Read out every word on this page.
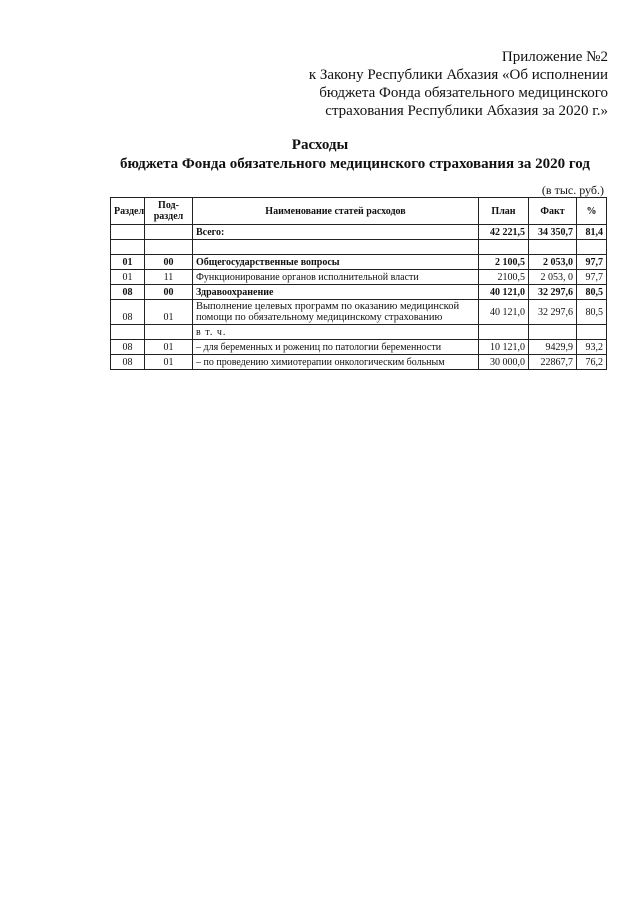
Приложение №2
к Закону Республики Абхазия «Об исполнении
бюджета Фонда обязательного медицинского
страхования Республики Абхазия за 2020 г.»
Расходы
бюджета Фонда обязательного медицинского страхования за 2020 год
(в тыс. руб.)
Раздел	Под-раздел	Наименование статей расходов	План	Факт	%
		Всего:	42 221,5	34 350,7	81,4

01	00	Общегосударственные вопросы	2 100,5	2 053,0	97,7
01	11	Функционирование органов исполнительной власти	2100,5	2 053, 0	97,7
08	00	Здравоохранение	40 121,0	32 297,6	80,5
08	01	Выполнение целевых программ по оказанию медицинской помощи по обязательному медицинскому страхованию	40 121,0	32 297,6	80,5
		в т. ч.			
08	01	– для беременных и рожениц по патологии беременности	10 121,0	9429,9	93,2
08	01	– по проведению химиотерапии онкологическим больным	30 000,0	22867,7	76,2
